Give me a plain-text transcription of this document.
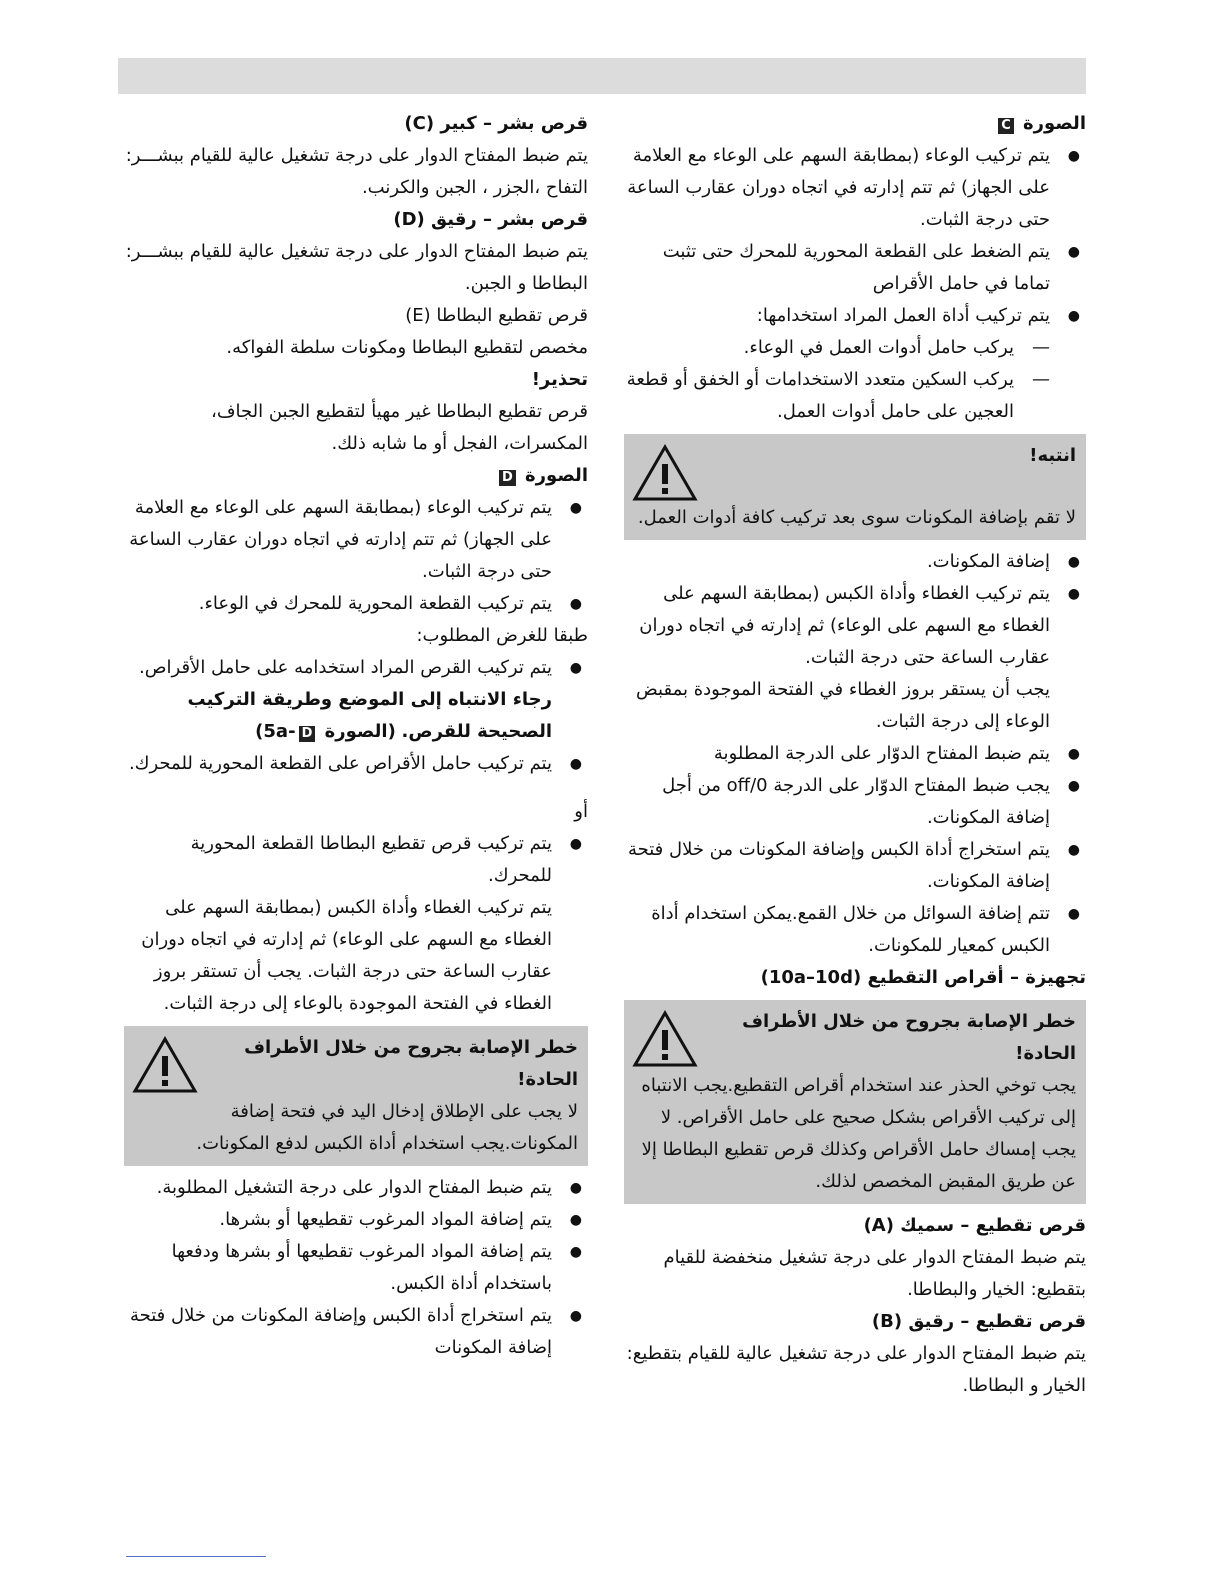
الصورة C

● يتم تركيب الوعاء (بمطابقة السهم على الوعاء مع العلامة على الجهاز) ثم تتم إدارته في اتجاه دوران عقارب الساعة حتى درجة الثبات.

● يتم الضغط على القطعة المحورية للمحرك حتى تثبت تماما في حامل الأقراص

● يتم تركيب أداة العمل المراد استخدامها:

— يركب حامل أدوات العمل في الوعاء.

— يركب السكين متعدد الاستخدامات أو الخفق أو قطعة العجين على حامل أدوات العمل.

انتبه!

لا تقم بإضافة المكونات سوى بعد تركيب كافة أدوات العمل.

● إضافة المكونات.

● يتم تركيب الغطاء وأداة الكبس (بمطابقة السهم على الغطاء مع السهم على الوعاء) ثم إدارته في اتجاه دوران عقارب الساعة حتى درجة الثبات.

يجب أن يستقر بروز الغطاء في الفتحة الموجودة بمقبض الوعاء إلى درجة الثبات.

● يتم ضبط المفتاح الدوّار على الدرجة المطلوبة

● يجب ضبط المفتاح الدوّار على الدرجة off/0 من أجل إضافة المكونات.

● يتم استخراج أداة الكبس وإضافة المكونات من خلال فتحة إضافة المكونات.

● تتم إضافة السوائل من خلال القمع.يمكن استخدام أداة الكبس كمعيار للمكونات.

تجهيزة – أقراص التقطيع (10a–10d)

خطر الإصابة بجروح من خلال الأطراف الحادة!

يجب توخي الحذر عند استخدام أقراص التقطيع.يجب الانتباه إلى تركيب الأقراص بشكل صحيح على حامل الأقراص. لا يجب إمساك حامل الأقراص وكذلك قرص تقطيع البطاطا إلا عن طريق المقبض المخصص لذلك.

قرص تقطيع – سميك (A)

يتم ضبط المفتاح الدوار على درجة تشغيل منخفضة للقيام بتقطيع: الخيار والبطاطا.

قرص تقطيع – رقيق (B)

يتم ضبط المفتاح الدوار على درجة تشغيل عالية للقيام بتقطيع: الخيار و البطاطا.

قرص بشر – كبير (C)

يتم ضبط المفتاح الدوار على درجة تشغيل عالية للقيام ببشـــر: التفاح ،الجزر ، الجبن والكرنب.

قرص بشر – رقيق (D)

يتم ضبط المفتاح الدوار على درجة تشغيل عالية للقيام ببشـــر: البطاطا و الجبن.

قرص تقطيع البطاطا (E)

مخصص لتقطيع البطاطا ومكونات سلطة الفواكه.

تحذير!

قرص تقطيع البطاطا غير مهيأ لتقطيع الجبن الجاف، المكسرات، الفجل أو ما شابه ذلك.

الصورة D

● يتم تركيب الوعاء (بمطابقة السهم على الوعاء مع العلامة على الجهاز) ثم تتم إدارته في اتجاه دوران عقارب الساعة حتى درجة الثبات.

● يتم تركيب القطعة المحورية للمحرك في الوعاء.

طبقا للغرض المطلوب:

● يتم تركيب القرص المراد استخدامه على حامل الأقراص. رجاء الانتباه إلى الموضع وطريقة التركيب الصحيحة للقرص. (الصورة D-5a)

● يتم تركيب حامل الأقراص على القطعة المحورية للمحرك.

أو

● يتم تركيب قرص تقطيع البطاطا القطعة المحورية للمحرك.

يتم تركيب الغطاء وأداة الكبس (بمطابقة السهم على الغطاء مع السهم على الوعاء) ثم إدارته في اتجاه دوران عقارب الساعة حتى درجة الثبات. يجب أن تستقر بروز الغطاء في الفتحة الموجودة بالوعاء إلى درجة الثبات.

خطر الإصابة بجروح من خلال الأطراف الحادة!

لا يجب على الإطلاق إدخال اليد في فتحة إضافة المكونات.يجب استخدام أداة الكبس لدفع المكونات.

● يتم ضبط المفتاح الدوار على درجة التشغيل المطلوبة.

● يتم إضافة المواد المرغوب تقطيعها أو بشرها.

● يتم إضافة المواد المرغوب تقطيعها أو بشرها ودفعها باستخدام أداة الكبس.

● يتم استخراج أداة الكبس وإضافة المكونات من خلال فتحة إضافة المكونات
